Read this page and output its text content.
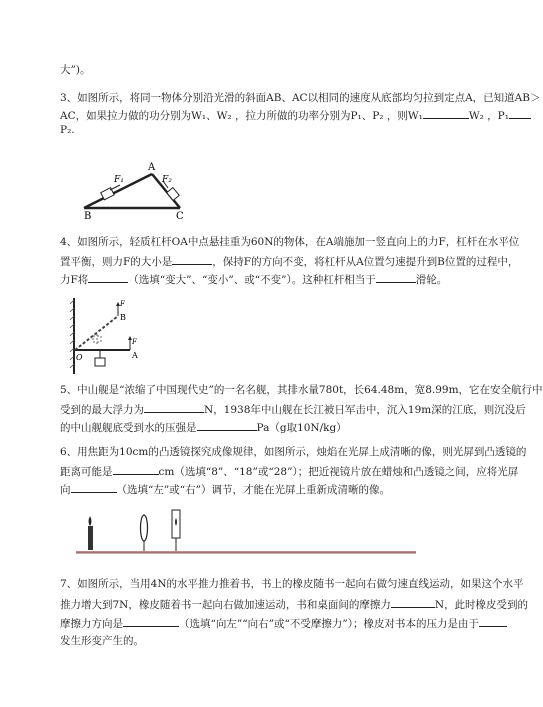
大”)。
3、如图所示，将同一物体分别沿光滑的斜面AB、AC以相同的速度从底部均匀拉到定点A，已知道AB＞
AC，如果拉力做的功分别为W₁、W₂ ，拉力所做的功率分别为P₁、P₂ ，则W₁	W₂ ，P₁
P₂.
F₁
A
F₂
B	C
4、如图所示，轻质杠杆OA中点悬挂重为60N的物体，在A端施加一竖直向上的力F，杠杆在水平位
置平衡，则力F的大小是	，保持F的方向不变，将杠杆从A位置匀速提升到B位置的过程中，
力F将	（选填“变大”、“变小”、或“不变”）。这种杠杆相当于	滑轮。
O	A
B
F
F
5、中山舰是“浓缩了中国现代史”的一名名舰，其排水量780t，长64.48m，宽8.99m，它在安全航行中
受到的最大浮力为	N，1938年中山舰在长江被日军击中，沉入19m深的江底，则沉没后
的中山舰舰底受到水的压强是	Pa（g取10N/kg）
6、用焦距为10cm的凸透镜探究成像规律，如图所示，烛焰在光屏上成清晰的像，则光屏到凸透镜的
距离可能是	cm（选填“8”、“18”或“28”）；把近视镜片放在蜡烛和凸透镜之间，应将光屏
向	（选填“左”或“右”）调节，才能在光屏上重新成清晰的像。
7、如图所示，当用4N的水平推力推着书，书上的橡皮随书一起向右做匀速直线运动，如果这个水平
推力增大到7N，橡皮随着书一起向右做加速运动，书和桌面间的摩擦力	N，此时橡皮受到的
摩擦力方向是	（选填“向左”“向右”或“不受摩擦力”）；橡皮对书本的压力是由于
发生形变产生的。
